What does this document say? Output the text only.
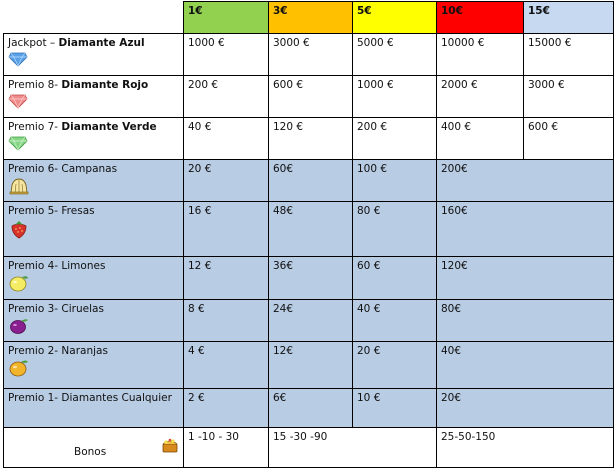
	1€	3€	5€	10€	15€

Jackpot – Diamante Azul	1000 €	3000 €	5000 €	10000 €	15000 €

Premio 8- Diamante Rojo	200 €	600 €	1000 €	2000 €	3000 €

Premio 7- Diamante Verde	40 €	120 €	200 €	400 €	600 €

Premio 6- Campanas	20 €	60€	100 €	200€	

Premio 5- Fresas	16 €	48€	80 €	160€	

Premio 4- Limones	12 €	36€	60 €	120€	

Premio 3- Ciruelas	8 €	24€	40 €	80€	

Premio 2- Naranjas	4 €	12€	20 €	40€	

Premio 1- Diamantes Cualquier	2 €	6€	10 €	20€	

Bonos	1 -10 - 30	15 -30 -90		25-50-150	
